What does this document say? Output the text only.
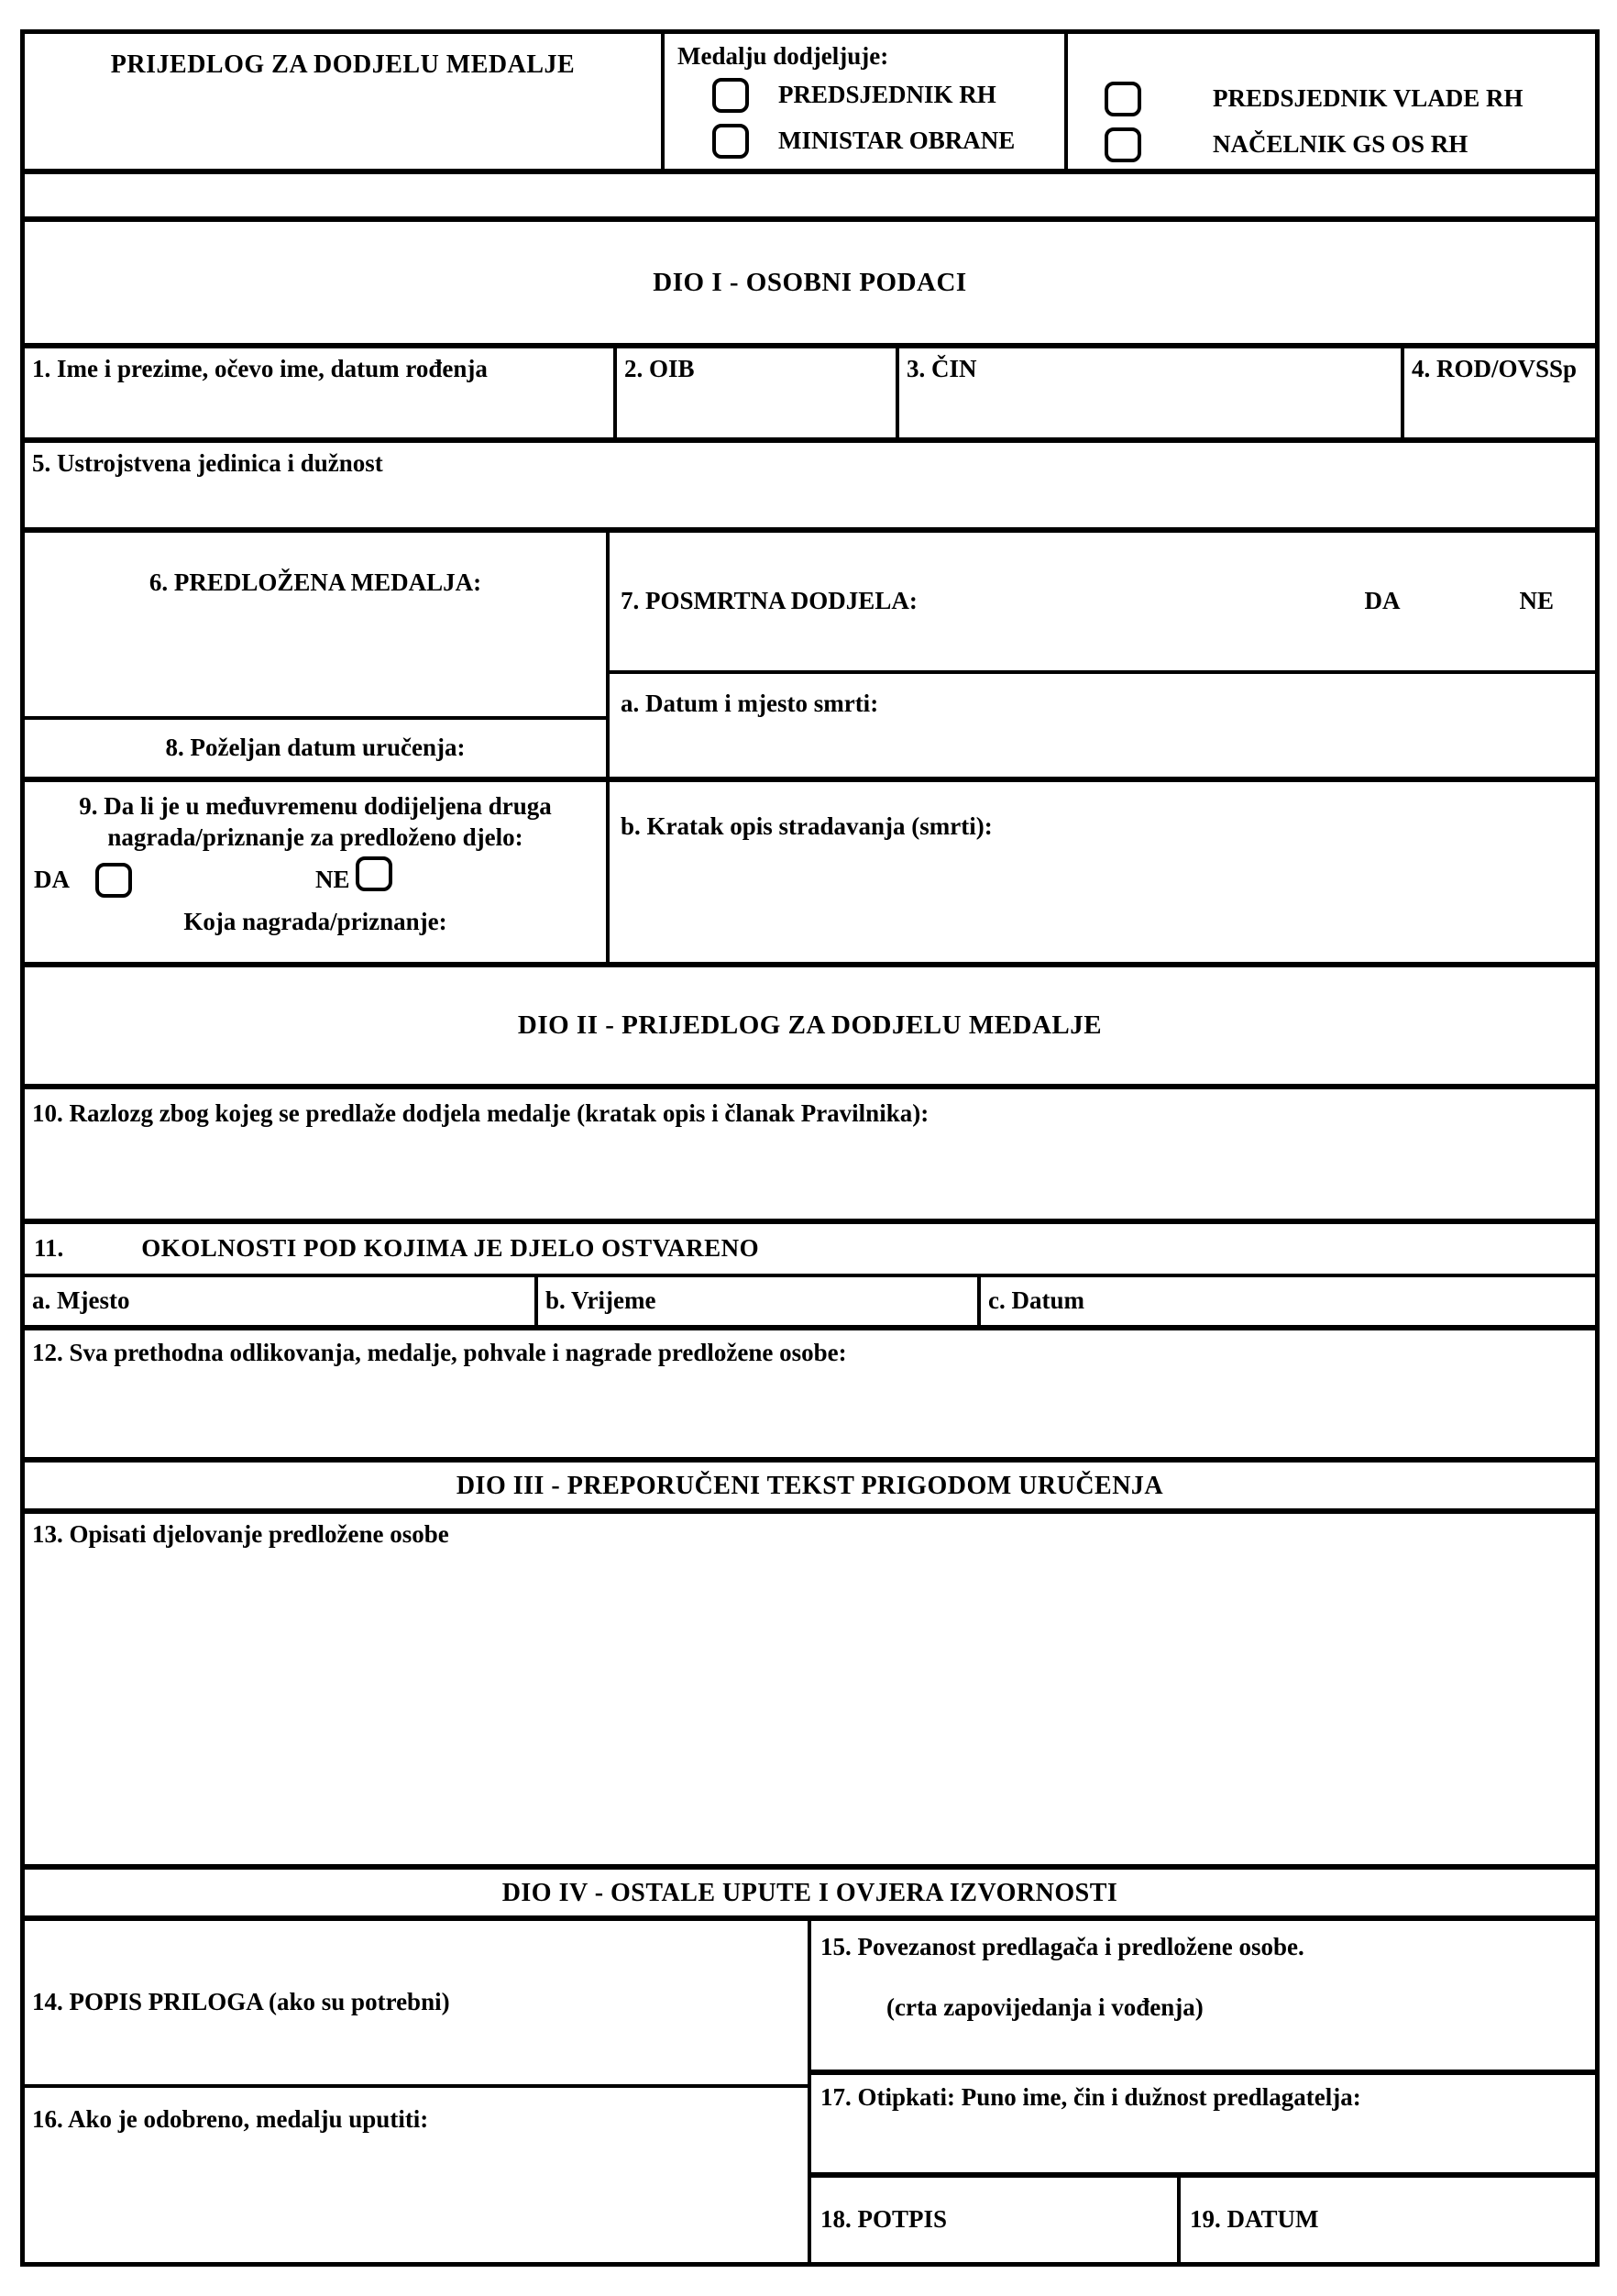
PRIJEDLOG ZA DODJELU MEDALJE	Medalju dodjeljuje:
PREDSJEDNIK RH
MINISTAR OBRANE
PREDSJEDNIK VLADE RH
NAČELNIK GS OS RH
DIO I - OSOBNI PODACI
1. Ime i prezime, očevo ime, datum rođenja	2. OIB	3. ČIN	4. ROD/OVSSp
5. Ustrojstvena jedinica i dužnost
6. PREDLOŽENA MEDALJA:
8. Poželjan datum uručenja:
9. Da li je u međuvremenu dodijeljena druga
nagrada/priznanje za predloženo djelo:
DA	NE
Koja nagrada/priznanje:
7. POSMRTNA DODJELA:	DA	NE
a. Datum i mjesto smrti:
b. Kratak opis stradavanja (smrti):
DIO II - PRIJEDLOG ZA DODJELU MEDALJE
10. Razlozg zbog kojeg se predlaže dodjela medalje (kratak opis i članak Pravilnika):
11.	OKOLNOSTI POD KOJIMA JE DJELO OSTVARENO
a. Mjesto	b. Vrijeme	c. Datum
12. Sva prethodna odlikovanja, medalje, pohvale i nagrade predložene osobe:
DIO III - PREPORUČENI TEKST PRIGODOM URUČENJA
13. Opisati djelovanje predložene osobe
DIO IV - OSTALE UPUTE I OVJERA IZVORNOSTI
14. POPIS PRILOGA (ako su potrebni)
16. Ako je odobreno, medalju uputiti:
15. Povezanost predlagača i predložene osobe.
(crta zapovijedanja i vođenja)
17. Otipkati: Puno ime, čin i dužnost predlagatelja:
18. POTPIS	19. DATUM
